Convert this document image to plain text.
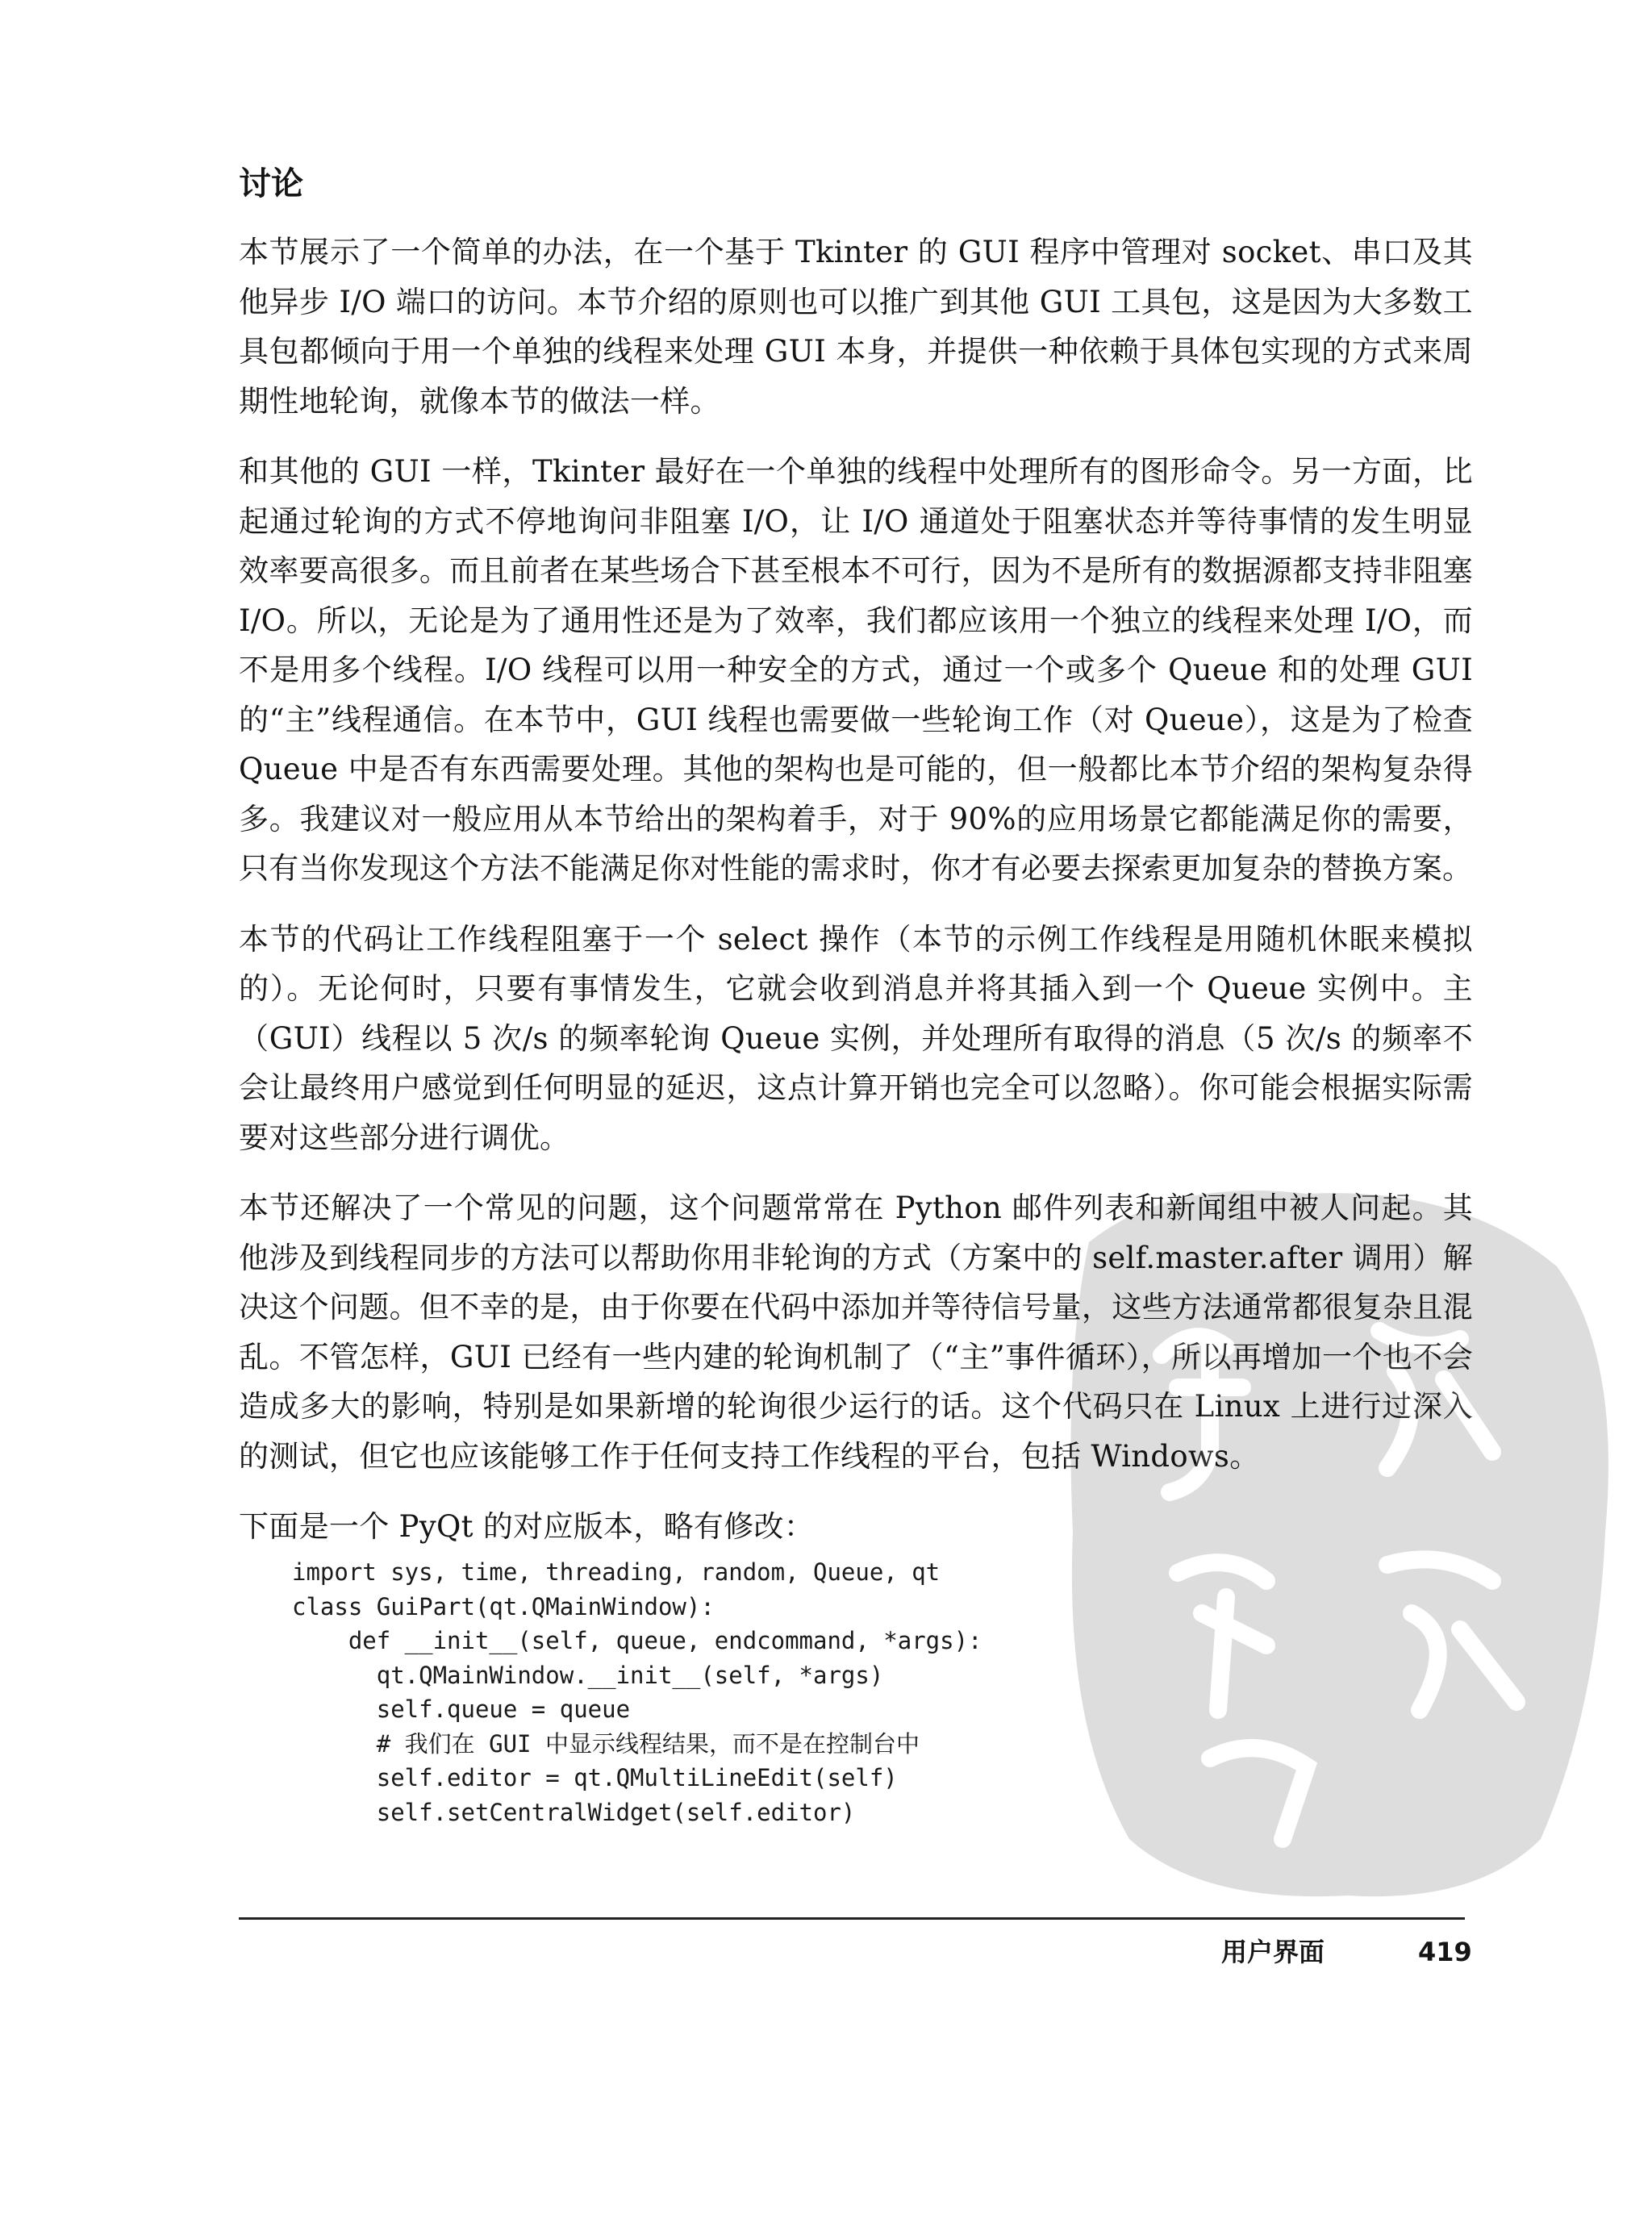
讨论

本节展示了一个简单的办法，在一个基于 Tkinter 的 GUI 程序中管理对 socket、串口及其他异步 I/O 端口的访问。本节介绍的原则也可以推广到其他 GUI 工具包，这是因为大多数工具包都倾向于用一个单独的线程来处理 GUI 本身，并提供一种依赖于具体包实现的方式来周期性地轮询，就像本节的做法一样。

和其他的 GUI 一样，Tkinter 最好在一个单独的线程中处理所有的图形命令。另一方面，比起通过轮询的方式不停地询问非阻塞 I/O，让 I/O 通道处于阻塞状态并等待事情的发生明显效率要高很多。而且前者在某些场合下甚至根本不可行，因为不是所有的数据源都支持非阻塞 I/O。所以，无论是为了通用性还是为了效率，我们都应该用一个独立的线程来处理 I/O，而不是用多个线程。I/O 线程可以用一种安全的方式，通过一个或多个 Queue 和的处理 GUI 的“主”线程通信。在本节中，GUI 线程也需要做一些轮询工作（对 Queue），这是为了检查 Queue 中是否有东西需要处理。其他的架构也是可能的，但一般都比本节介绍的架构复杂得多。我建议对一般应用从本节给出的架构着手，对于 90%的应用场景它都能满足你的需要，只有当你发现这个方法不能满足你对性能的需求时，你才有必要去探索更加复杂的替换方案。

本节的代码让工作线程阻塞于一个 select 操作（本节的示例工作线程是用随机休眠来模拟的）。无论何时，只要有事情发生，它就会收到消息并将其插入到一个 Queue 实例中。主（GUI）线程以 5 次/s 的频率轮询 Queue 实例，并处理所有取得的消息（5 次/s 的频率不会让最终用户感觉到任何明显的延迟，这点计算开销也完全可以忽略）。你可能会根据实际需要对这些部分进行调优。

本节还解决了一个常见的问题，这个问题常常在 Python 邮件列表和新闻组中被人问起。其他涉及到线程同步的方法可以帮助你用非轮询的方式（方案中的 self.master.after 调用）解决这个问题。但不幸的是，由于你要在代码中添加并等待信号量，这些方法通常都很复杂且混乱。不管怎样，GUI 已经有一些内建的轮询机制了（“主”事件循环），所以再增加一个也不会造成多大的影响，特别是如果新增的轮询很少运行的话。这个代码只在 Linux 上进行过深入的测试，但它也应该能够工作于任何支持工作线程的平台，包括 Windows。

下面是一个 PyQt 的对应版本，略有修改：

import sys, time, threading, random, Queue, qt
class GuiPart(qt.QMainWindow):
def __init__(self, queue, endcommand, *args):
qt.QMainWindow.__init__(self, *args)
self.queue = queue
# 我们在 GUI 中显示线程结果，而不是在控制台中
self.editor = qt.QMultiLineEdit(self)
self.setCentralWidget(self.editor)
用户界面	419
